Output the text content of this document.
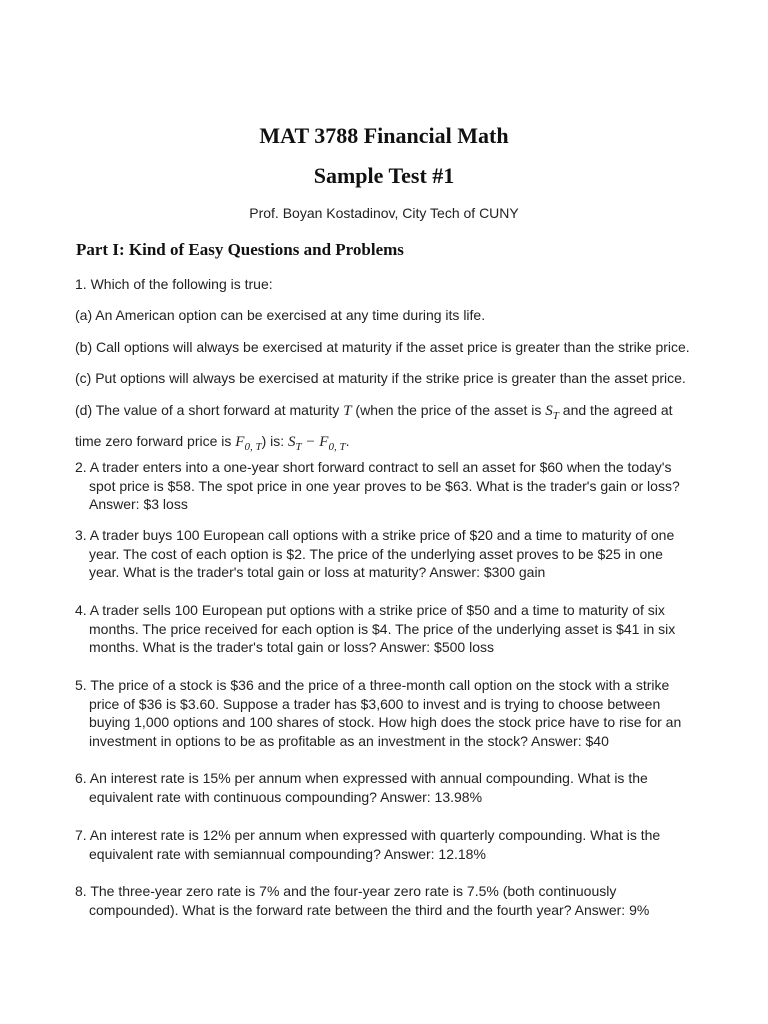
MAT 3788 Financial Math
Sample Test #1
Prof. Boyan Kostadinov, City Tech of CUNY
Part I: Kind of Easy Questions and Problems
1. Which of the following is true:
(a) An American option can be exercised at any time during its life.
(b) Call options will always be exercised at maturity if the asset price is greater than the strike price.
(c) Put options will always be exercised at maturity if the strike price is greater than the asset price.
(d) The value of a short forward at maturity T (when the price of the asset is $S_T$ and the agreed at time zero forward price is $F_{0, T}$) is: $S_T - F_{0, T}$.
2. A trader enters into a one-year short forward contract to sell an asset for $60 when the today's spot price is $58. The spot price in one year proves to be $63. What is the trader's gain or loss? Answer: $3 loss
3. A trader buys 100 European call options with a strike price of $20 and a time to maturity of one year. The cost of each option is $2. The price of the underlying asset proves to be $25 in one year. What is the trader's total gain or loss at maturity? Answer: $300 gain
4. A trader sells 100 European put options with a strike price of $50 and a time to maturity of six months. The price received for each option is $4. The price of the underlying asset is $41 in six months. What is the trader's total gain or loss? Answer: $500 loss
5. The price of a stock is $36 and the price of a three-month call option on the stock with a strike price of $36 is $3.60. Suppose a trader has $3,600 to invest and is trying to choose between buying 1,000 options and 100 shares of stock. How high does the stock price have to rise for an investment in options to be as profitable as an investment in the stock? Answer: $40
6. An interest rate is 15% per annum when expressed with annual compounding. What is the equivalent rate with continuous compounding? Answer: 13.98%
7. An interest rate is 12% per annum when expressed with quarterly compounding. What is the equivalent rate with semiannual compounding? Answer: 12.18%
8. The three-year zero rate is 7% and the four-year zero rate is 7.5% (both continuously compounded). What is the forward rate between the third and the fourth year? Answer: 9%
